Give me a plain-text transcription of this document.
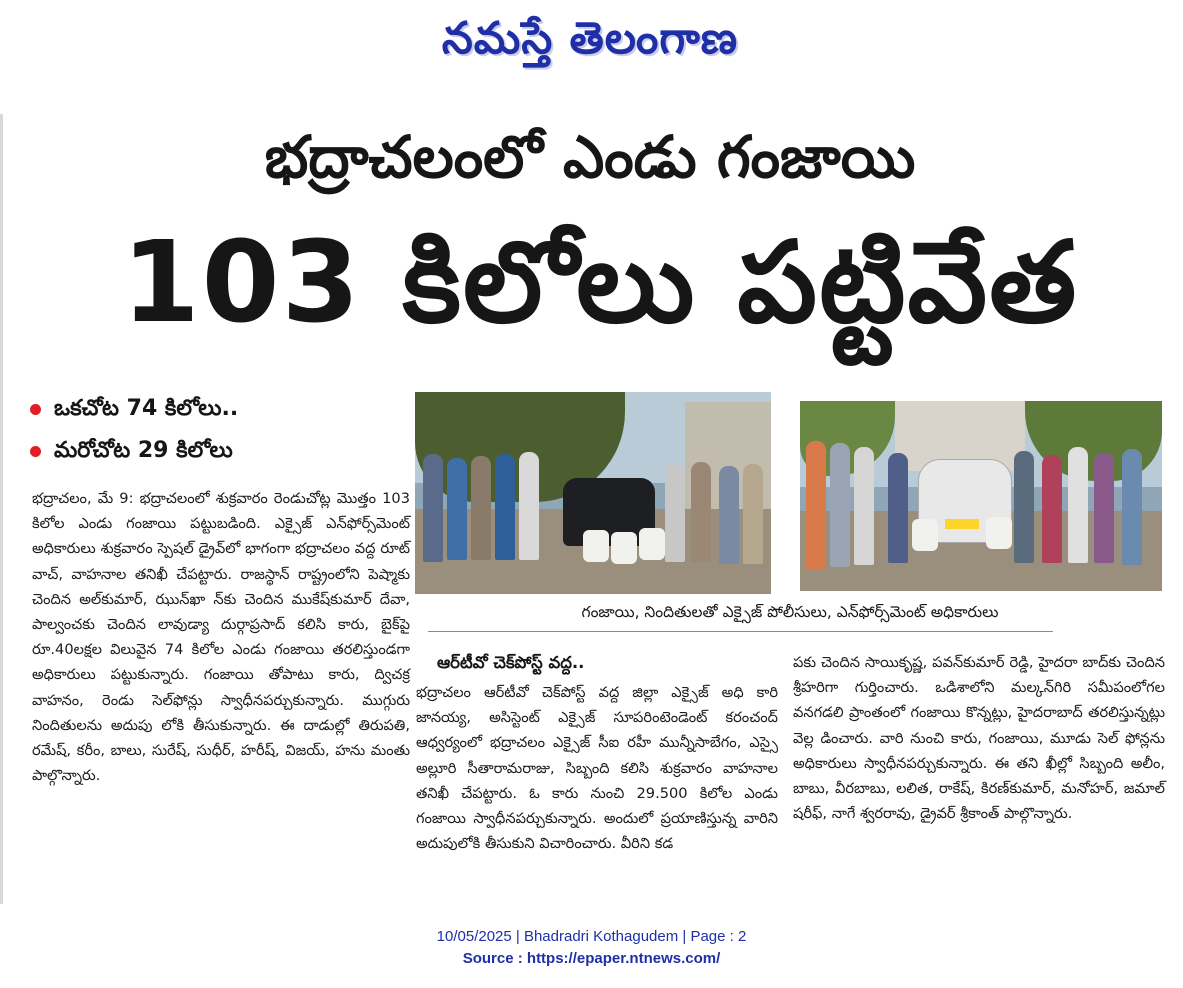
నమస్తే తెలంగాణ
భద్రాచలంలో ఎండు గంజాయి
103 కిలోలు పట్టివేత
ఒకచోట 74 కిలోలు..
మరోచోట 29 కిలోలు

భద్రాచలం, మే 9: భద్రాచలంలో శుక్రవారం రెండుచోట్ల మొత్తం 103 కిలోల ఎండు గంజాయి పట్టుబడింది. ఎక్సైజ్ ఎన్‌ఫోర్స్‌మెంట్ అధికారులు శుక్రవారం స్పెషల్ డ్రైవ్‌లో భాగంగా భద్రాచలం వద్ద రూట్ వాచ్, వాహనాల తనిఖీ చేపట్టారు. రాజస్థాన్ రాష్ట్రంలోని పెష్మాకు చెందిన అల్‌కుమార్, ఝున్‌ఖా న్‌కు చెందిన ముకేష్‌కుమార్ దేవా, పాల్వంచకు చెందిన లావుడ్యా దుర్గాప్రసాద్ కలిసి కారు, బైక్‌పై రూ.40లక్షల విలువైన 74 కిలోల ఎండు గంజాయి తరలిస్తుండగా అధికారులు పట్టుకున్నారు. గంజాయి తోపాటు కారు, ద్విచక్ర వాహనం, రెండు సెల్‌ఫోన్లు స్వాధీనపర్చుకున్నారు. ముగ్గురు నిందితులను అదుపు లోకి తీసుకున్నారు. ఈ దాడుల్లో తిరుపతి, రమేష్, కరీం, బాలు, సురేష్, సుధీర్, హరీష్, విజయ్, హను మంతు పాల్గొన్నారు.

గంజాయి, నిందితులతో ఎక్సైజ్ పోలీసులు, ఎన్‌ఫోర్స్‌మెంట్ అధికారులు
ఆర్‌టీవో చెక్‌పోస్ట్ వద్ద..

భద్రాచలం ఆర్‌టీవో చెక్‌పోస్ట్ వద్ద జిల్లా ఎక్సైజ్ అధి కారి జానయ్య, అసిస్టెంట్ ఎక్సైజ్ సూపరింటెండెంట్ కరంచంద్ ఆధ్వర్యంలో భద్రాచలం ఎక్సైజ్ సీఐ రహీ మున్నీసాబేగం, ఎస్సై అల్లూరి సీతారామరాజు, సిబ్బంది కలిసి శుక్రవారం వాహనాల తనిఖీ చేపట్టారు. ఓ కారు నుంచి 29.500 కిలోల ఎండు గంజాయి స్వాధీనపర్చుకున్నారు. అందులో ప్రయాణిస్తున్న వారిని అదుపులోకి తీసుకుని విచారించారు. వీరిని కడ

పకు చెందిన సాయికృష్ణ, పవన్‌కుమార్ రెడ్డి, హైదరా బాద్‌కు చెందిన శ్రీహరిగా గుర్తించారు. ఒడిశాలోని మల్కన్‌గిరి సమీపంలోగల వనగడలి ప్రాంతంలో గంజాయి కొన్నట్లు, హైదరాబాద్ తరలిస్తున్నట్లు వెల్ల డించారు. వారి నుంచి కారు, గంజాయి, మూడు సెల్ ఫోన్లను అధికారులు స్వాధీనపర్చుకున్నారు. ఈ తని ఖీల్లో సిబ్బంది అలీం, బాబు, వీరబాబు, లలిత, రాకేష్, కిరణ్‌కుమార్, మనోహర్, జమాల్ షరీఫ్, నాగే శ్వరరావు, డ్రైవర్ శ్రీకాంత్ పాల్గొన్నారు.

10/05/2025 | Bhadradri Kothagudem | Page : 2
Source : https://epaper.ntnews.com/
